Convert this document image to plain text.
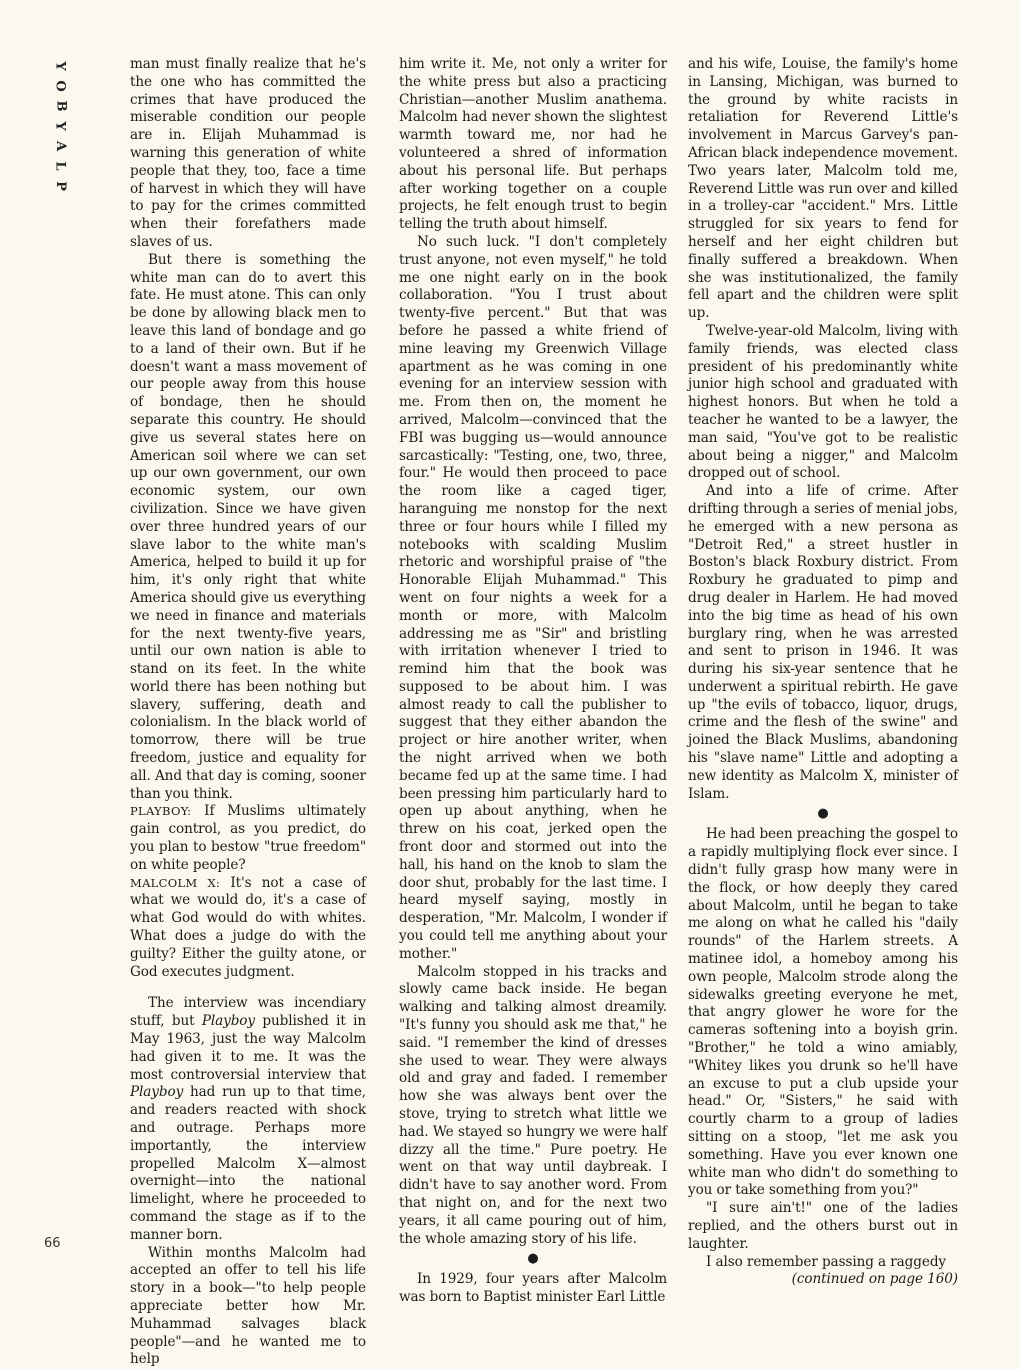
Y
O
B
Y
A
L
P
66

man must finally realize that he's the one who has committed the crimes that have produced the miserable condition our people are in. Elijah Muhammad is warning this generation of white people that they, too, face a time of harvest in which they will have to pay for the crimes committed when their forefathers made slaves of us.

But there is something the white man can do to avert this fate. He must atone. This can only be done by allowing black men to leave this land of bondage and go to a land of their own. But if he doesn't want a mass movement of our people away from this house of bondage, then he should separate this country. He should give us several states here on American soil where we can set up our own government, our own economic system, our own civilization. Since we have given over three hundred years of our slave labor to the white man's America, helped to build it up for him, it's only right that white America should give us everything we need in finance and materials for the next twenty-five years, until our own nation is able to stand on its feet. In the white world there has been nothing but slavery, suffering, death and colonialism. In the black world of tomorrow, there will be true freedom, justice and equality for all. And that day is coming, sooner than you think.

PLAYBOY: If Muslims ultimately gain control, as you predict, do you plan to bestow "true freedom" on white people?

MALCOLM X: It's not a case of what we would do, it's a case of what God would do with whites. What does a judge do with the guilty? Either the guilty atone, or God executes judgment.

The interview was incendiary stuff, but Playboy published it in May 1963, just the way Malcolm had given it to me. It was the most controversial interview that Playboy had run up to that time, and readers reacted with shock and outrage. Perhaps more importantly, the interview propelled Malcolm X—almost overnight—into the national limelight, where he proceeded to command the stage as if to the manner born.

Within months Malcolm had accepted an offer to tell his life story in a book—"to help people appreciate better how Mr. Muhammad salvages black people"—and he wanted me to help

him write it. Me, not only a writer for the white press but also a practicing Christian—another Muslim anathema. Malcolm had never shown the slightest warmth toward me, nor had he volunteered a shred of information about his personal life. But perhaps after working together on a couple projects, he felt enough trust to begin telling the truth about himself.

No such luck. "I don't completely trust anyone, not even myself," he told me one night early on in the book collaboration. "You I trust about twenty-five percent." But that was before he passed a white friend of mine leaving my Greenwich Village apartment as he was coming in one evening for an interview session with me. From then on, the moment he arrived, Malcolm—convinced that the FBI was bugging us—would announce sarcastically: "Testing, one, two, three, four." He would then proceed to pace the room like a caged tiger, haranguing me nonstop for the next three or four hours while I filled my notebooks with scalding Muslim rhetoric and worshipful praise of "the Honorable Elijah Muhammad." This went on four nights a week for a month or more, with Malcolm addressing me as "Sir" and bristling with irritation whenever I tried to remind him that the book was supposed to be about him. I was almost ready to call the publisher to suggest that they either abandon the project or hire another writer, when the night arrived when we both became fed up at the same time. I had been pressing him particularly hard to open up about anything, when he threw on his coat, jerked open the front door and stormed out into the hall, his hand on the knob to slam the door shut, probably for the last time. I heard myself saying, mostly in desperation, "Mr. Malcolm, I wonder if you could tell me anything about your mother."

Malcolm stopped in his tracks and slowly came back inside. He began walking and talking almost dreamily. "It's funny you should ask me that," he said. "I remember the kind of dresses she used to wear. They were always old and gray and faded. I remember how she was always bent over the stove, trying to stretch what little we had. We stayed so hungry we were half dizzy all the time." Pure poetry. He went on that way until daybreak. I didn't have to say another word. From that night on, and for the next two years, it all came pouring out of him, the whole amazing story of his life.

●

In 1929, four years after Malcolm was born to Baptist minister Earl Little

and his wife, Louise, the family's home in Lansing, Michigan, was burned to the ground by white racists in retaliation for Reverend Little's involvement in Marcus Garvey's pan-African black independence movement. Two years later, Malcolm told me, Reverend Little was run over and killed in a trolley-car "accident." Mrs. Little struggled for six years to fend for herself and her eight children but finally suffered a breakdown. When she was institutionalized, the family fell apart and the children were split up.

Twelve-year-old Malcolm, living with family friends, was elected class president of his predominantly white junior high school and graduated with highest honors. But when he told a teacher he wanted to be a lawyer, the man said, "You've got to be realistic about being a nigger," and Malcolm dropped out of school.

And into a life of crime. After drifting through a series of menial jobs, he emerged with a new persona as "Detroit Red," a street hustler in Boston's black Roxbury district. From Roxbury he graduated to pimp and drug dealer in Harlem. He had moved into the big time as head of his own burglary ring, when he was arrested and sent to prison in 1946. It was during his six-year sentence that he underwent a spiritual rebirth. He gave up "the evils of tobacco, liquor, drugs, crime and the flesh of the swine" and joined the Black Muslims, abandoning his "slave name" Little and adopting a new identity as Malcolm X, minister of Islam.

●

He had been preaching the gospel to a rapidly multiplying flock ever since. I didn't fully grasp how many were in the flock, or how deeply they cared about Malcolm, until he began to take me along on what he called his "daily rounds" of the Harlem streets. A matinee idol, a homeboy among his own people, Malcolm strode along the sidewalks greeting everyone he met, that angry glower he wore for the cameras softening into a boyish grin. "Brother," he told a wino amiably, "Whitey likes you drunk so he'll have an excuse to put a club upside your head." Or, "Sisters," he said with courtly charm to a group of ladies sitting on a stoop, "let me ask you something. Have you ever known one white man who didn't do something to you or take something from you?"

"I sure ain't!" one of the ladies replied, and the others burst out in laughter.

I also remember passing a raggedy

(continued on page 160)
